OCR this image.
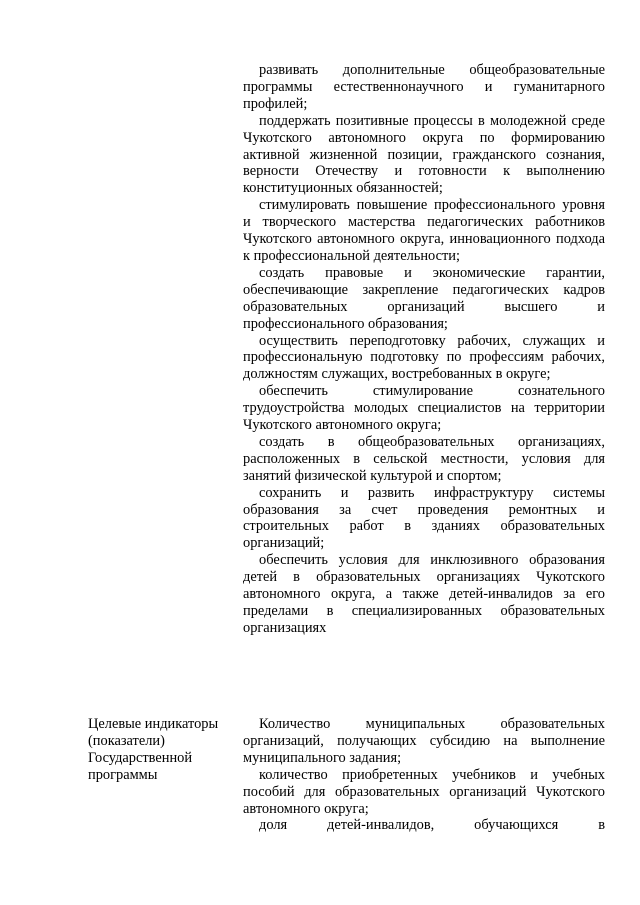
развивать дополнительные общеобразовательные программы естественнонаучного и гуманитарного профилей;

поддержать позитивные процессы в молодежной среде Чукотского автономного округа по формированию активной жизненной позиции, гражданского сознания, верности Отечеству и готовности к выполнению конституционных обязанностей;

стимулировать повышение профессионального уровня и творческого мастерства педагогических работников Чукотского автономного округа, инновационного подхода к профессиональной деятельности;

создать правовые и экономические гарантии, обеспечивающие закрепление педагогических кадров образовательных организаций высшего и профессионального образования;

осуществить переподготовку рабочих, служащих и профессиональную подготовку по профессиям рабочих, должностям служащих, востребованных в округе;

обеспечить стимулирование сознательного трудоустройства молодых специалистов на территории Чукотского автономного округа;

создать в общеобразовательных организациях, расположенных в сельской местности, условия для занятий физической культурой и спортом;

сохранить и развить инфраструктуру системы образования за счет проведения ремонтных и строительных работ в зданиях образовательных организаций;

обеспечить условия для инклюзивного образования детей в образовательных организациях Чукотского автономного округа, а также детей-инвалидов за его пределами в специализированных образовательных организациях

Целевые индикаторы
(показатели)
Государственной
программы

Количество муниципальных образовательных организаций, получающих субсидию на выполнение муниципального задания;

количество приобретенных учебников и учебных пособий для образовательных организаций Чукотского автономного округа;

доля детей-инвалидов, обучающихся в
